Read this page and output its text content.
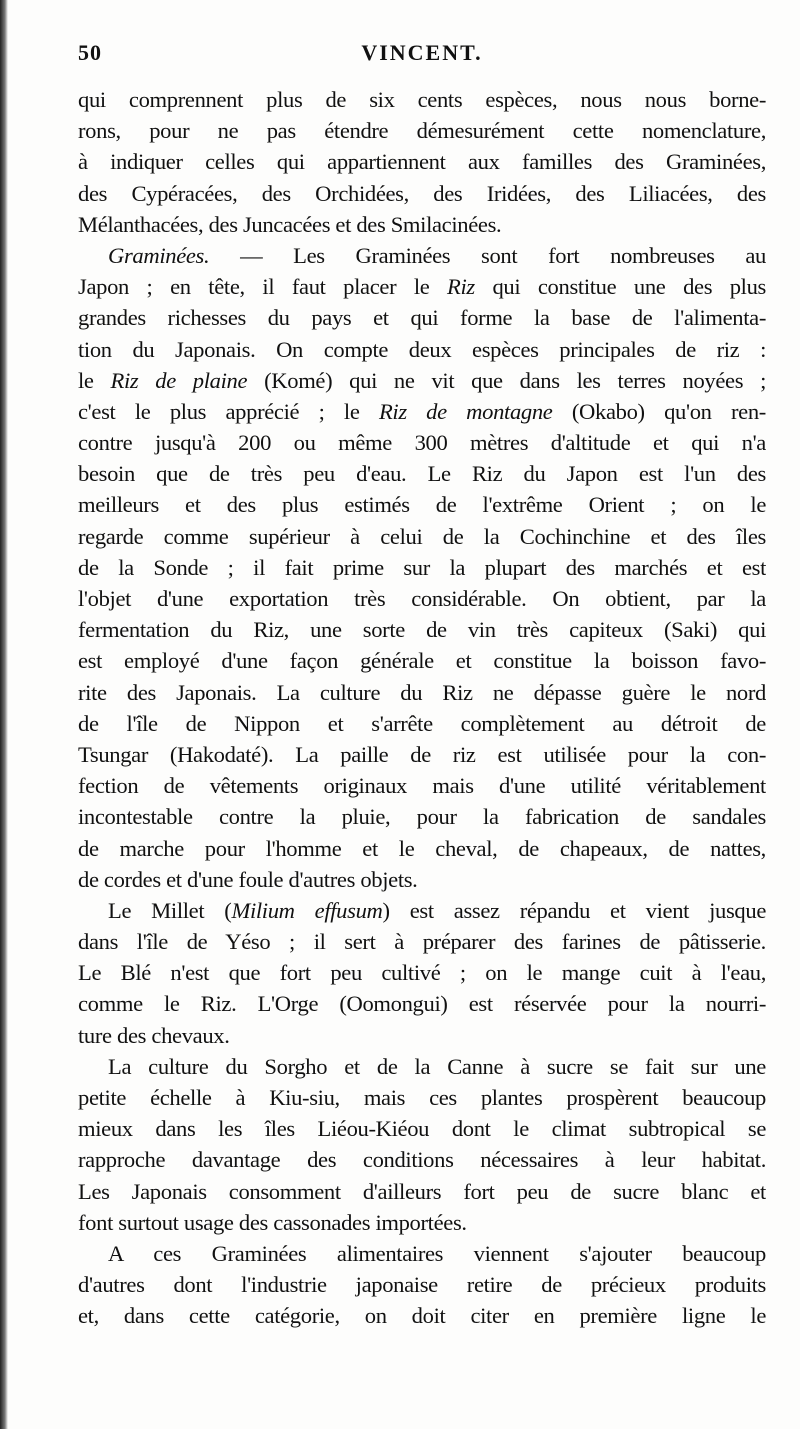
50	VINCENT.
qui comprennent plus de six cents espèces, nous nous borne-
rons, pour ne pas étendre démesurément cette nomenclature,
à indiquer celles qui appartiennent aux familles des Graminées,
des Cypéracées, des Orchidées, des Iridées, des Liliacées, des
Mélanthacées, des Juncacées et des Smilacinées.
Graminées. — Les Graminées sont fort nombreuses au
Japon ; en tête, il faut placer le Riz qui constitue une des plus
grandes richesses du pays et qui forme la base de l'alimenta-
tion du Japonais. On compte deux espèces principales de riz :
le Riz de plaine (Komé) qui ne vit que dans les terres noyées ;
c'est le plus apprécié ; le Riz de montagne (Okabo) qu'on ren-
contre jusqu'à 200 ou même 300 mètres d'altitude et qui n'a
besoin que de très peu d'eau. Le Riz du Japon est l'un des
meilleurs et des plus estimés de l'extrême Orient ; on le
regarde comme supérieur à celui de la Cochinchine et des îles
de la Sonde ; il fait prime sur la plupart des marchés et est
l'objet d'une exportation très considérable. On obtient, par la
fermentation du Riz, une sorte de vin très capiteux (Saki) qui
est employé d'une façon générale et constitue la boisson favo-
rite des Japonais. La culture du Riz ne dépasse guère le nord
de l'île de Nippon et s'arrête complètement au détroit de
Tsungar (Hakodaté). La paille de riz est utilisée pour la con-
fection de vêtements originaux mais d'une utilité véritablement
incontestable contre la pluie, pour la fabrication de sandales
de marche pour l'homme et le cheval, de chapeaux, de nattes,
de cordes et d'une foule d'autres objets.
Le Millet (Milium effusum) est assez répandu et vient jusque
dans l'île de Yéso ; il sert à préparer des farines de pâtisserie.
Le Blé n'est que fort peu cultivé ; on le mange cuit à l'eau,
comme le Riz. L'Orge (Oomongui) est réservée pour la nourri-
ture des chevaux.
La culture du Sorgho et de la Canne à sucre se fait sur une
petite échelle à Kiu-siu, mais ces plantes prospèrent beaucoup
mieux dans les îles Liéou-Kiéou dont le climat subtropical se
rapproche davantage des conditions nécessaires à leur habitat.
Les Japonais consomment d'ailleurs fort peu de sucre blanc et
font surtout usage des cassonades importées.
A ces Graminées alimentaires viennent s'ajouter beaucoup
d'autres dont l'industrie japonaise retire de précieux produits
et, dans cette catégorie, on doit citer en première ligne le
